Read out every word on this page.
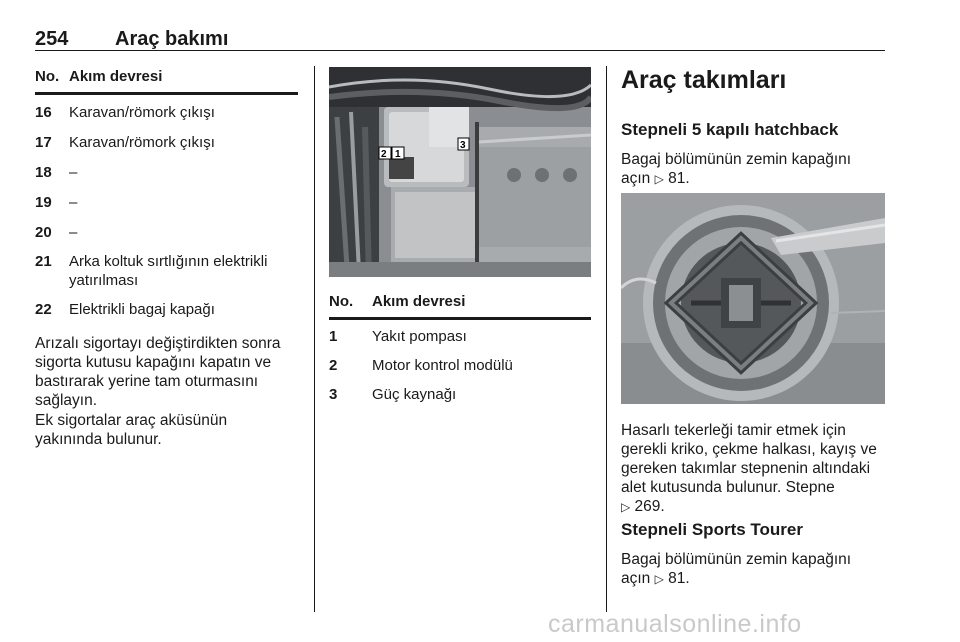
254 Araç bakımı
No. Akım devresi
16 Karavan/römork çıkışı
17 Karavan/römork çıkışı
18 –
19 –
20 –
21 Arka koltuk sırtlığının elektrikli yatırılması
22 Elektrikli bagaj kapağı
Arızalı sigortayı değiştirdikten sonra sigorta kutusu kapağını kapatın ve bastırarak yerine tam oturmasını sağlayın.
Ek sigortalar araç aküsünün yakınında bulunur.
2 1
3
No. Akım devresi
1 Yakıt pompası
2 Motor kontrol modülü
3 Güç kaynağı
Araç takımları
Stepneli 5 kapılı hatchback
Bagaj bölümünün zemin kapağını
açın ▷ 81.
Hasarlı tekerleği tamir etmek için gerekli kriko, çekme halkası, kayış ve gereken takımlar stepnenin altındaki alet kutusunda bulunur. Stepne
▷ 269.
Stepneli Sports Tourer
Bagaj bölümünün zemin kapağını
açın ▷ 81.
carmanualsonline.info
